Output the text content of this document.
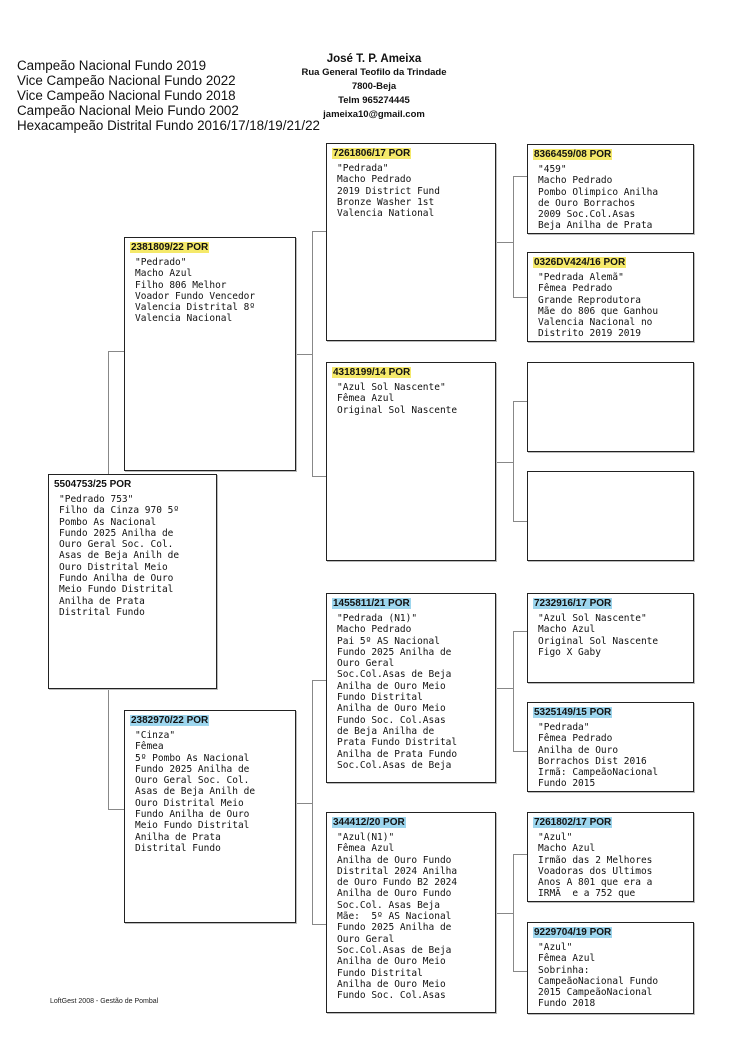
Campeão Nacional Fundo 2019
Vice Campeão Nacional Fundo 2022
Vice Campeão Nacional Fundo 2018
Campeão Nacional Meio Fundo 2002
Hexacampeão Distrital Fundo 2016/17/18/19/21/22
José T. P. Ameixa
Rua General Teofilo da Trindade
7800-Beja
Telm 965274445
jameixa10@gmail.com
5504753/25 POR
"Pedrado 753"
Filho da Cinza 970 5º
Pombo As Nacional
Fundo 2025 Anilha de
Ouro Geral Soc. Col.
Asas de Beja Anilh de
Ouro Distrital Meio
Fundo Anilha de Ouro
Meio Fundo Distrital
Anilha de Prata
Distrital Fundo
2381809/22 POR
"Pedrado"
Macho Azul
Filho 806 Melhor
Voador Fundo Vencedor
Valencia Distrital 8º
Valencia Nacional
2382970/22 POR
"Cinza"
Fêmea
5º Pombo As Nacional
Fundo 2025 Anilha de
Ouro Geral Soc. Col.
Asas de Beja Anilh de
Ouro Distrital Meio
Fundo Anilha de Ouro
Meio Fundo Distrital
Anilha de Prata
Distrital Fundo
7261806/17 POR
"Pedrada"
Macho Pedrado
2019 District Fund
Bronze Washer 1st
Valencia National
4318199/14 POR
"Azul Sol Nascente"
Fêmea Azul
Original Sol Nascente
1455811/21 POR
"Pedrada (N1)"
Macho Pedrado
Pai 5º AS Nacional
Fundo 2025 Anilha de
Ouro Geral
Soc.Col.Asas de Beja
Anilha de Ouro Meio
Fundo Distrital
Anilha de Ouro Meio
Fundo Soc. Col.Asas
de Beja Anilha de
Prata Fundo Distrital
Anilha de Prata Fundo
Soc.Col.Asas de Beja
344412/20 POR
"Azul(N1)"
Fêmea Azul
Anilha de Ouro Fundo
Distrital 2024 Anilha
de Ouro Fundo B2 2024
Anilha de Ouro Fundo
Soc.Col. Asas Beja
Mãe:  5º AS Nacional
Fundo 2025 Anilha de
Ouro Geral
Soc.Col.Asas de Beja
Anilha de Ouro Meio
Fundo Distrital
Anilha de Ouro Meio
Fundo Soc. Col.Asas
8366459/08 POR
"459"
Macho Pedrado
Pombo Olimpico Anilha
de Ouro Borrachos
2009 Soc.Col.Asas
Beja Anilha de Prata
0326DV424/16 POR
"Pedrada Alemã"
Fêmea Pedrado
Grande Reprodutora
Mãe do 806 que Ganhou
Valencia Nacional no
Distrito 2019 2019
7232916/17 POR
"Azul Sol Nascente"
Macho Azul
Original Sol Nascente
Figo X Gaby
5325149/15 POR
"Pedrada"
Fêmea Pedrado
Anilha de Ouro
Borrachos Dist 2016
Irmã: CampeãoNacional
Fundo 2015
7261802/17 POR
"Azul"
Macho Azul
Irmão das 2 Melhores
Voadoras dos Ultimos
Anos A 801 que era a
IRMÃ  e a 752 que
9229704/19 POR
"Azul"
Fêmea Azul
Sobrinha:
CampeãoNacional Fundo
2015 CampeãoNacional
Fundo 2018
LoftGest 2008 - Gestão de Pombal
